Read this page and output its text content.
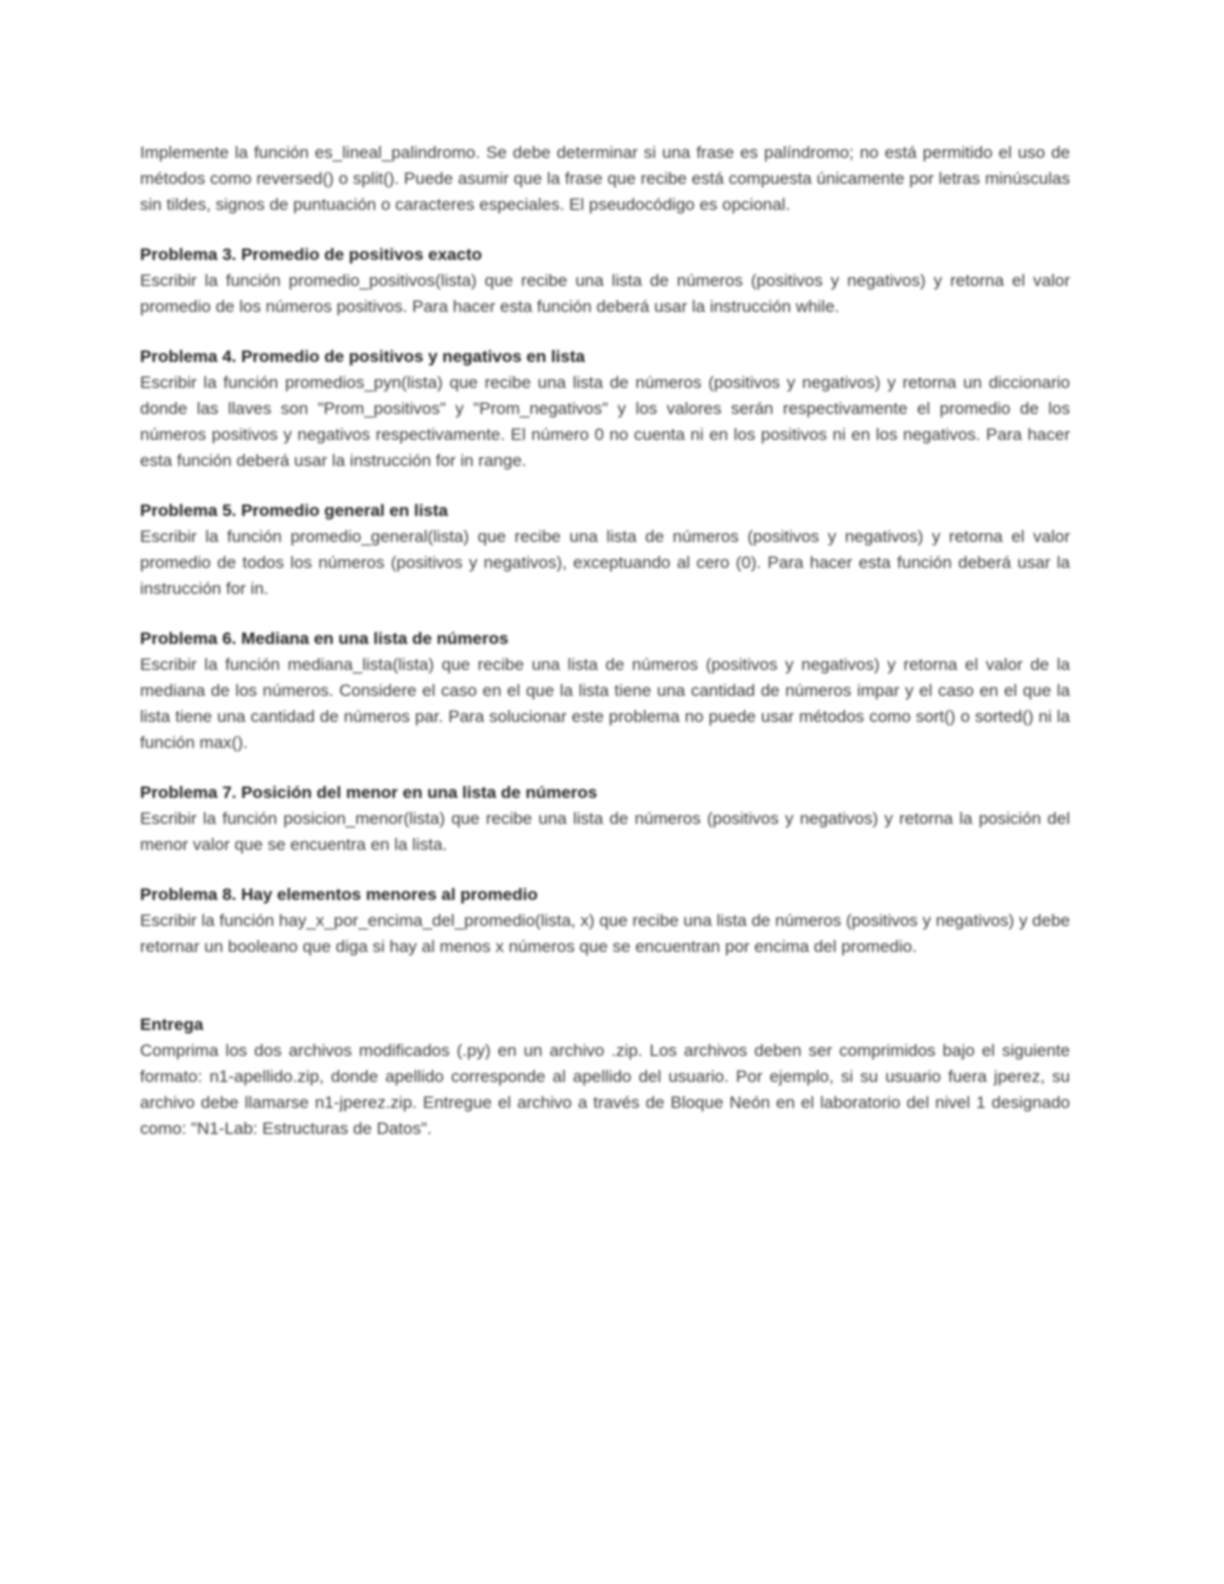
Implemente la función es_lineal_palindromo. Se debe determinar si una frase es palíndromo; no está permitido el uso de métodos como reversed() o split(). Puede asumir que la frase que recibe está compuesta únicamente por letras minúsculas sin tildes, signos de puntuación o caracteres especiales. El pseudocódigo es opcional.

Problema 3. Promedio de positivos exacto

Escribir la función promedio_positivos(lista) que recibe una lista de números (positivos y negativos) y retorna el valor promedio de los números positivos. Para hacer esta función deberá usar la instrucción while.

Problema 4. Promedio de positivos y negativos en lista

Escribir la función promedios_pyn(lista) que recibe una lista de números (positivos y negativos) y retorna un diccionario donde las llaves son "Prom_positivos" y "Prom_negativos" y los valores serán respectivamente el promedio de los números positivos y negativos respectivamente. El número 0 no cuenta ni en los positivos ni en los negativos. Para hacer esta función deberá usar la instrucción for in range.

Problema 5. Promedio general en lista

Escribir la función promedio_general(lista) que recibe una lista de números (positivos y negativos) y retorna el valor promedio de todos los números (positivos y negativos), exceptuando al cero (0). Para hacer esta función deberá usar la instrucción for in.

Problema 6. Mediana en una lista de números

Escribir la función mediana_lista(lista) que recibe una lista de números (positivos y negativos) y retorna el valor de la mediana de los números. Considere el caso en el que la lista tiene una cantidad de números impar y el caso en el que la lista tiene una cantidad de números par. Para solucionar este problema no puede usar métodos como sort() o sorted() ni la función max().

Problema 7. Posición del menor en una lista de números

Escribir la función posicion_menor(lista) que recibe una lista de números (positivos y negativos) y retorna la posición del menor valor que se encuentra en la lista.

Problema 8. Hay elementos menores al promedio

Escribir la función hay_x_por_encima_del_promedio(lista, x) que recibe una lista de números (positivos y negativos) y debe retornar un booleano que diga si hay al menos x números que se encuentran por encima del promedio.

Entrega

Comprima los dos archivos modificados (.py) en un archivo .zip. Los archivos deben ser comprimidos bajo el siguiente formato: n1-apellido.zip, donde apellido corresponde al apellido del usuario. Por ejemplo, si su usuario fuera jperez, su archivo debe llamarse n1-jperez.zip. Entregue el archivo a través de Bloque Neón en el laboratorio del nivel 1 designado como: "N1-Lab: Estructuras de Datos".
